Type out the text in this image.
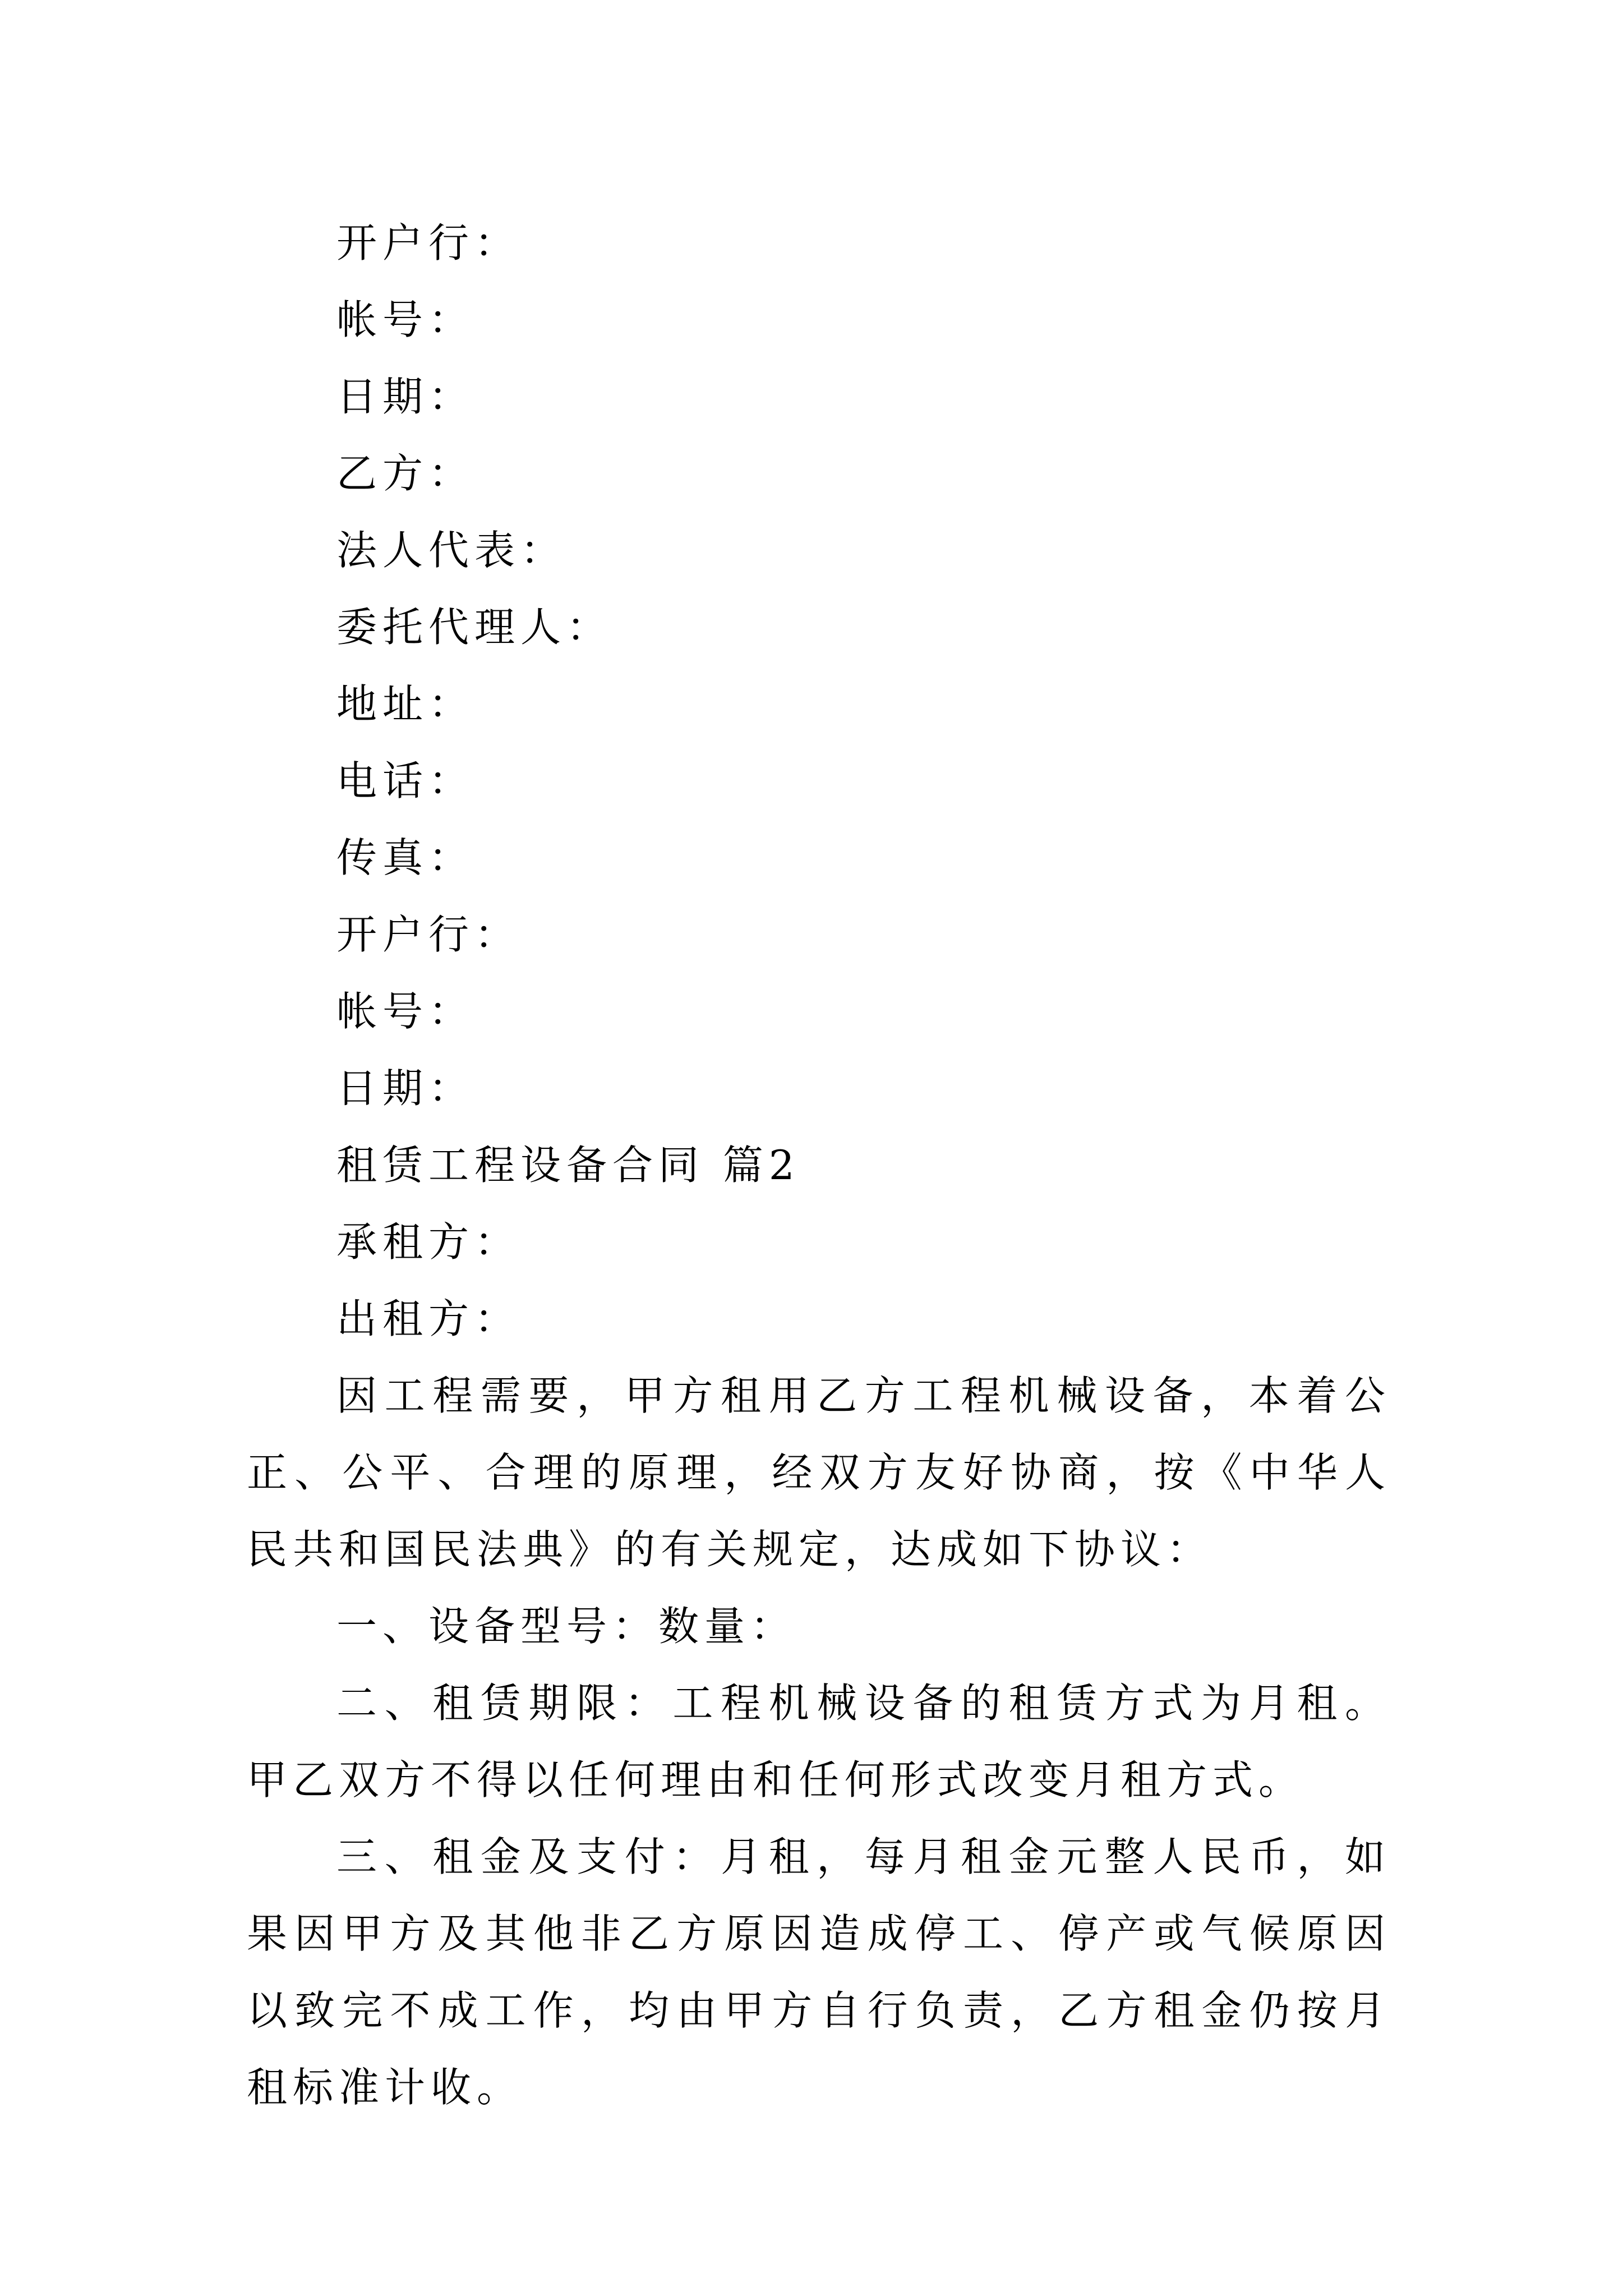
开户行：
帐号：
日期：
乙方：
法人代表：
委托代理人：
地址：
电话：
传真：
开户行：
帐号：
日期：
租赁工程设备合同 篇2
承租方：
出租方：
因工程需要，甲方租用乙方工程机械设备，本着公正、公平、合理的原理，经双方友好协商，按《中华人民共和国民法典》的有关规定，达成如下协议：
一、设备型号：数量：
二、租赁期限：工程机械设备的租赁方式为月租。甲乙双方不得以任何理由和任何形式改变月租方式。
三、租金及支付：月租，每月租金元整人民币，如果因甲方及其他非乙方原因造成停工、停产或气候原因以致完不成工作，均由甲方自行负责，乙方租金仍按月租标准计收。
